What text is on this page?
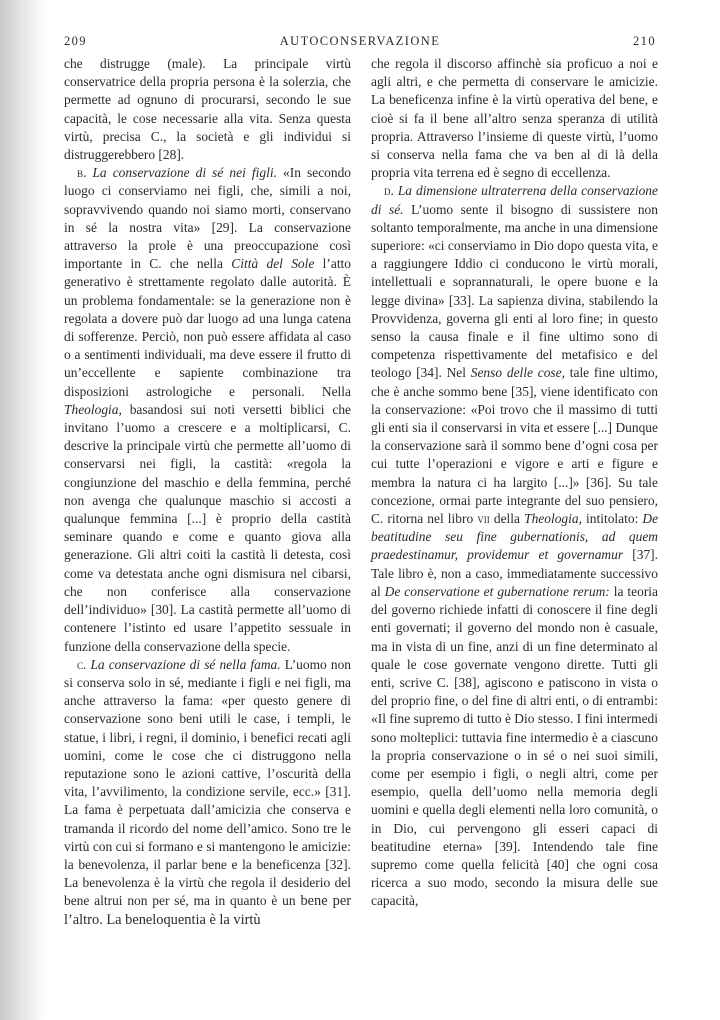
209	AUTOCONSERVAZIONE	210

che distrugge (male). La principale virtù conservatrice della propria persona è la solerzia, che permette ad ognuno di procurarsi, secondo le sue capacità, le cose necessarie alla vita. Senza questa virtù, precisa C., la società e gli individui si distruggerebbero [28].

b. La conservazione di sé nei figli. «In secondo luogo ci conserviamo nei figli, che, simili a noi, sopravvivendo quando noi siamo morti, conservano in sé la nostra vita» [29]. La conservazione attraverso la prole è una preoccupazione così importante in C. che nella Città del Sole l’atto generativo è strettamente regolato dalle autorità. È un problema fondamentale: se la generazione non è regolata a dovere può dar luogo ad una lunga catena di sofferenze. Perciò, non può essere affidata al caso o a sentimenti individuali, ma deve essere il frutto di un’eccellente e sapiente combinazione tra disposizioni astrologiche e personali. Nella Theologia, basandosi sui noti versetti biblici che invitano l’uomo a crescere e a moltiplicarsi, C. descrive la principale virtù che permette all’uomo di conservarsi nei figli, la castità: «regola la congiunzione del maschio e della femmina, perché non avenga che qualunque maschio si accosti a qualunque femmina [...] è proprio della castità seminare quando e come e quanto giova alla generazione. Gli altri coiti la castità li detesta, così come va detestata anche ogni dismisura nel cibarsi, che non conferisce alla conservazione dell’individuo» [30]. La castità permette all’uomo di contenere l’istinto ed usare l’appetito sessuale in funzione della conservazione della specie.

c. La conservazione di sé nella fama. L’uomo non si conserva solo in sé, mediante i figli e nei figli, ma anche attraverso la fama: «per questo genere di conservazione sono beni utili le case, i templi, le statue, i libri, i regni, il dominio, i benefici recati agli uomini, come le cose che ci distruggono nella reputazione sono le azioni cattive, l’oscurità della vita, l’avvilimento, la condizione servile, ecc.» [31]. La fama è perpetuata dall’amicizia che conserva e tramanda il ricordo del nome dell’amico. Sono tre le virtù con cui si formano e si mantengono le amicizie: la benevolenza, il parlar bene e la beneficenza [32]. La benevolenza è la virtù che regola il desiderio del bene altrui non per sé, ma in quanto è un bene per l’altro. La beneloquentia è la virtù

che regola il discorso affinchè sia proficuo a noi e agli altri, e che permetta di conservare le amicizie. La beneficenza infine è la virtù operativa del bene, e cioè si fa il bene all’altro senza speranza di utilità propria. Attraverso l’insieme di queste virtù, l’uomo si conserva nella fama che va ben al di là della propria vita terrena ed è segno di eccellenza.

d. La dimensione ultraterrena della conservazione di sé. L’uomo sente il bisogno di sussistere non soltanto temporalmente, ma anche in una dimensione superiore: «ci conserviamo in Dio dopo questa vita, e a raggiungere Iddio ci conducono le virtù morali, intellettuali e soprannaturali, le opere buone e la legge divina» [33]. La sapienza divina, stabilendo la Provvidenza, governa gli enti al loro fine; in questo senso la causa finale e il fine ultimo sono di competenza rispettivamente del metafisico e del teologo [34]. Nel Senso delle cose, tale fine ultimo, che è anche sommo bene [35], viene identificato con la conservazione: «Poi trovo che il massimo di tutti gli enti sia il conservarsi in vita et essere [...] Dunque la conservazione sarà il sommo bene d’ogni cosa per cui tutte l’operazioni e vigore e arti e figure e membra la natura ci ha largito [...]» [36]. Su tale concezione, ormai parte integrante del suo pensiero, C. ritorna nel libro vii della Theologia, intitolato: De beatitudine seu fine gubernationis, ad quem praedestinamur, providemur et governamur [37]. Tale libro è, non a caso, immediatamente successivo al De conservatione et gubernatione rerum: la teoria del governo richiede infatti di conoscere il fine degli enti governati; il governo del mondo non è casuale, ma in vista di un fine, anzi di un fine determinato al quale le cose governate vengono dirette. Tutti gli enti, scrive C. [38], agiscono e patiscono in vista o del proprio fine, o del fine di altri enti, o di entrambi: «Il fine supremo di tutto è Dio stesso. I fini intermedi sono molteplici: tuttavia fine intermedio è a ciascuno la propria conservazione o in sé o nei suoi simili, come per esempio i figli, o negli altri, come per esempio, quella dell’uomo nella memoria degli uomini e quella degli elementi nella loro comunità, o in Dio, cui pervengono gli esseri capaci di beatitudine eterna» [39]. Intendendo tale fine supremo come quella felicità [40] che ogni cosa ricerca a suo modo, secondo la misura delle sue capacità,
